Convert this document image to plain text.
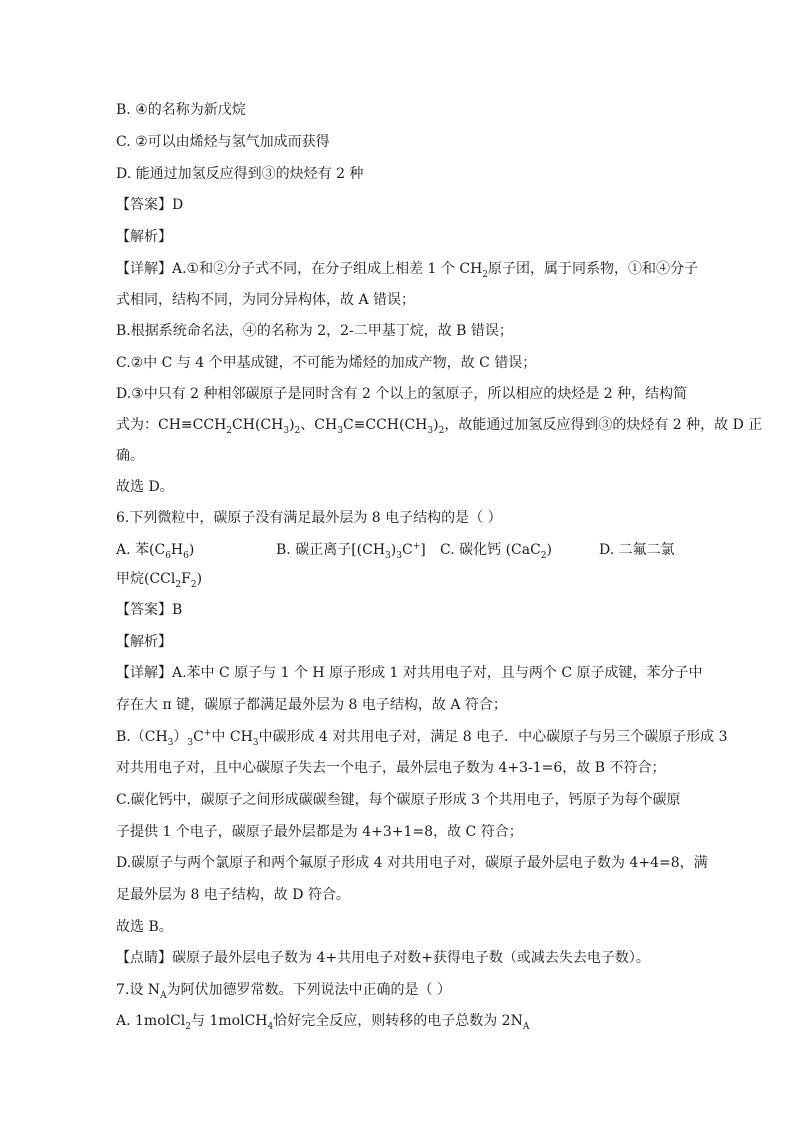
B. ④的名称为新戊烷
C. ②可以由烯烃与氢气加成而获得
D. 能通过加氢反应得到③的炔烃有 2 种
【答案】D
【解析】
【详解】A.①和②分子式不同，在分子组成上相差 1 个 $CH_2$原子团，属于同系物，①和④分子
式相同，结构不同，为同分异构体，故 A 错误；
B.根据系统命名法，④的名称为 2，2-二甲基丁烷，故 B 错误；
C.②中 C 与 4 个甲基成键，不可能为烯烃的加成产物，故 C 错误；
D.③中只有 2 种相邻碳原子是同时含有 2 个以上的氢原子，所以相应的炔烃是 2 种，结构简
式为：$CH\equiv CCH_2CH(CH_3)_2$、$CH_3C\equiv CCH(CH_3)_2$，故能通过加氢反应得到③的炔烃有 2 种，故 D 正
确。
故选 D。
6.下列微粒中，碳原子没有满足最外层为 8 电子结构的是（ ）
A. 苯$(C_6H_6)$	B. 碳正离子$[(CH_3)_3C^+]$ C. 碳化钙 (CaC$_2$)	D. 二氟二氯
甲烷$(CCl_2F_2)$
【答案】B
【解析】
【详解】A.苯中 C 原子与 1 个 H 原子形成 1 对共用电子对，且与两个 C 原子成键，苯分子中
存在大 π 键，碳原子都满足最外层为 8 电子结构，故 A 符合；
$B.(CH_3)_3C^+$中 $CH_3$中碳形成 4 对共用电子对，满足 8 电子．中心碳原子与另三个碳原子形成 3
对共用电子对，且中心碳原子失去一个电子，最外层电子数为 4+3-1=6，故 B 不符合；
C.碳化钙中，碳原子之间形成碳碳叁键，每个碳原子形成 3 个共用电子，钙原子为每个碳原
子提供 1 个电子，碳原子最外层都是为 4+3+1=8，故 C 符合；
D.碳原子与两个氯原子和两个氟原子形成 4 对共用电子对，碳原子最外层电子数为 4+4=8，满
足最外层为 8 电子结构，故 D 符合。
故选 B。
【点睛】碳原子最外层电子数为 4+共用电子对数+获得电子数（或减去失去电子数）。
7.设 $N_A$为阿伏加德罗常数。下列说法中正确的是（ ）
A. 1molCl$_2$与 1molCH$_4$恰好完全反应，则转移的电子总数为 $2N_A$
